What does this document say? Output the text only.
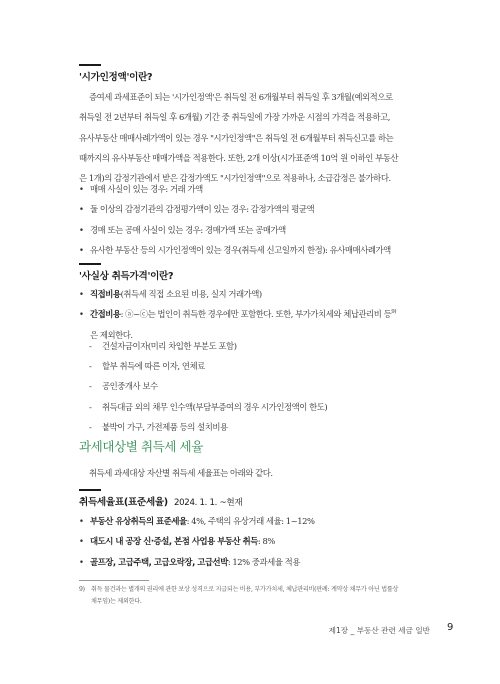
'시가인정액'이란?
증여세 과세표준이 되는 '시가인정액'은 취득일 전 6개월부터 취득일 후 3개월(예외적으로
취득일 전 2년부터 취득일 후 6개월) 기간 중 취득일에 가장 가까운 시점의 가격을 적용하고,
유사부동산 매매사례가액이 있는 경우 "시가인정액"은 취득일 전 6개월부터 취득신고를 하는
때까지의 유사부동산 매매가액을 적용한다. 또한, 2개 이상(시가표준액 10억 원 이하인 부동산
은 1개)의 감정기관에서 받은 감정가액도 "시가인정액"으로 적용하나, 소급감정은 불가하다.
• 매매 사실이 있는 경우: 거래 가액
• 둘 이상의 감정기관의 감정평가액이 있는 경우: 감정가액의 평균액
• 경매 또는 공매 사실이 있는 경우: 경매가액 또는 공매가액
• 유사한 부동산 등의 시가인정액이 있는 경우(취득세 신고일까지 한정): 유사매매사례가액
'사실상 취득가격'이란?
• 직접비용(취득세 직접 소요된 비용, 실지 거래가액)
• 간접비용: ⓐ~ⓒ는 법인이 취득한 경우에만 포함한다. 또한, 부가가치세와 체납관리비 등$^{9)}$
은 제외한다.
- 건설자금이자(미리 차입한 부분도 포함)
- 할부 취득에 따른 이자, 연체료
- 공인중개사 보수
- 취득대금 외의 채무 인수액(부담부증여의 경우 시가인정액이 한도)
- 붙박이 가구, 가전제품 등의 설치비용
과세대상별 취득세 세율
취득세 과세대상 자산별 취득세 세율표는 아래와 같다.
취득세율표(표준세율) 2024. 1. 1. ~현재
• 부동산 유상취득의 표준세율: 4%, 주택의 유상거래 세율: 1~12%
• 대도시 내 공장 신·증설, 본점 사업용 부동산 취득: 8%
• 골프장, 고급주택, 고급오락장, 고급선박: 12% 중과세율 적용
9) 취득 물건과는 별개의 권리에 관한 보상 성격으로 지급되는 비용, 부가가치세, 체납관리비(판례: 계약상 채무가 아닌 법률상
채무임)는 제외한다.
제1장 _ 부동산 관련 세금 일반 9
